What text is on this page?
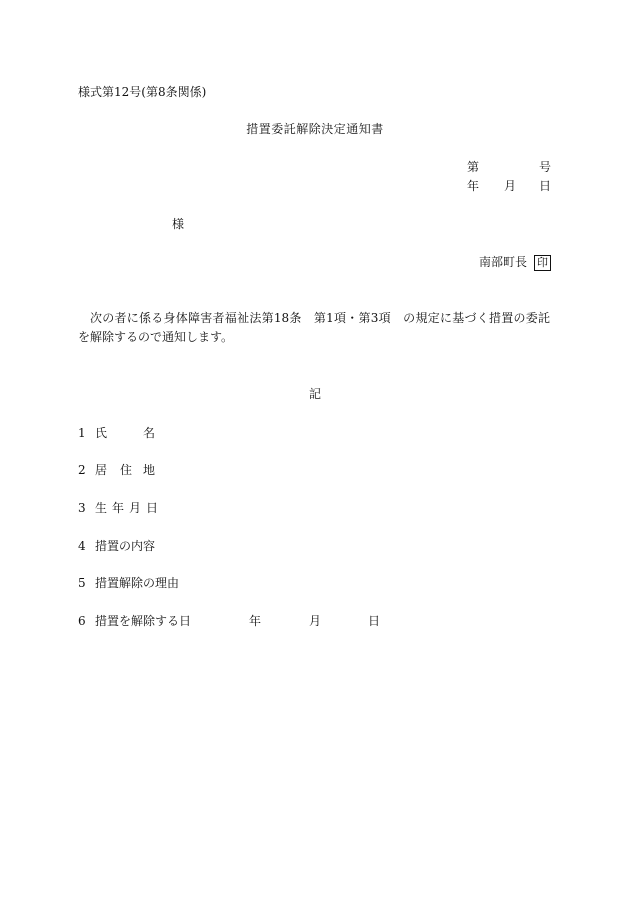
様式第12号(第8条関係)
措置委託解除決定通知書
第	号
年 月 日
様
南部町長 印
次の者に係る身体障害者福祉法第18条　第1項・第3項　の規定に基づく措置の委託を解除するので通知します。
記
1 氏	名
2 居 住 地
3 生年月日
4 措置の内容
5 措置解除の理由
6 措置を解除する日	年	月	日
